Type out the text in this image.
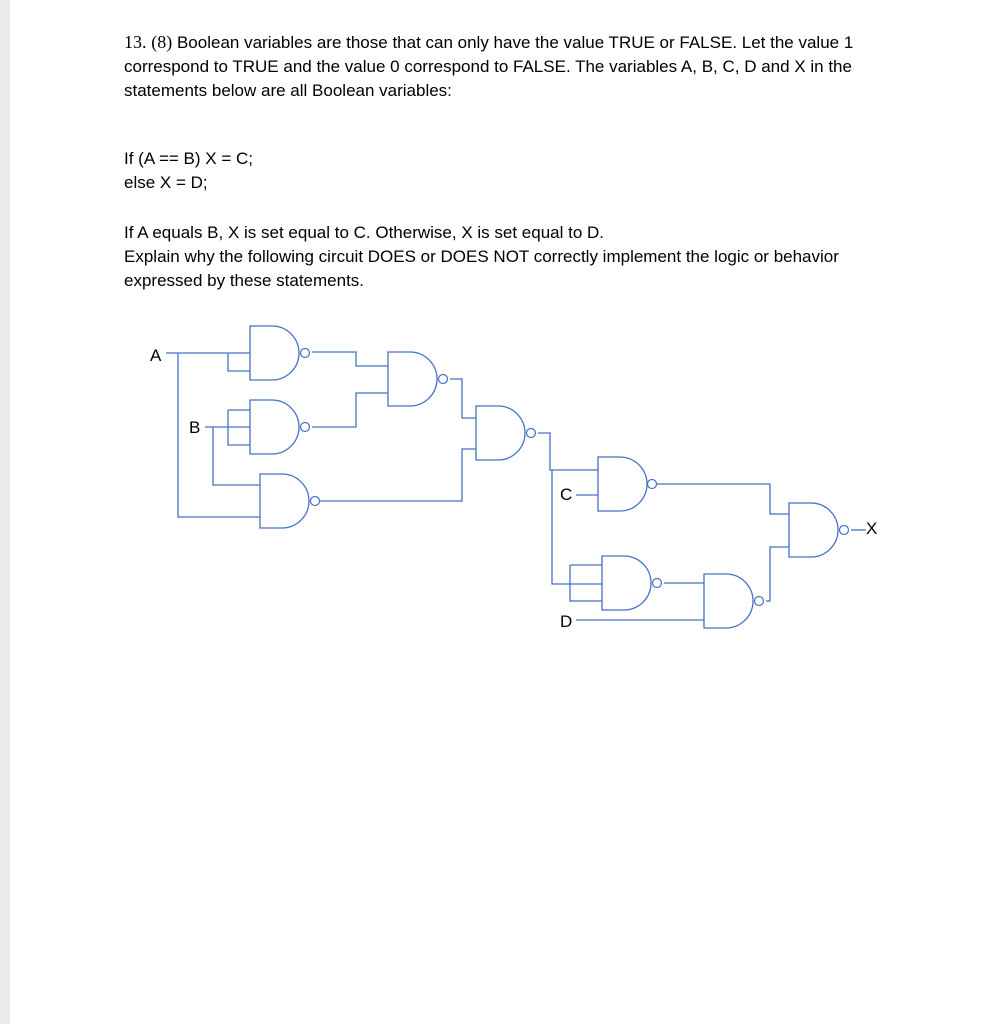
13. (8) Boolean variables are those that can only have the value TRUE or FALSE. Let the value 1
correspond to TRUE and the value 0 correspond to FALSE. The variables A, B, C, D and X in the
statements below are all Boolean variables:

If (A == B) X = C;
else X = D;

If A equals B, X is set equal to C. Otherwise, X is set equal to D.
Explain why the following circuit DOES or DOES NOT correctly implement the logic or behavior
expressed by these statements.

A
B
C
D
X
